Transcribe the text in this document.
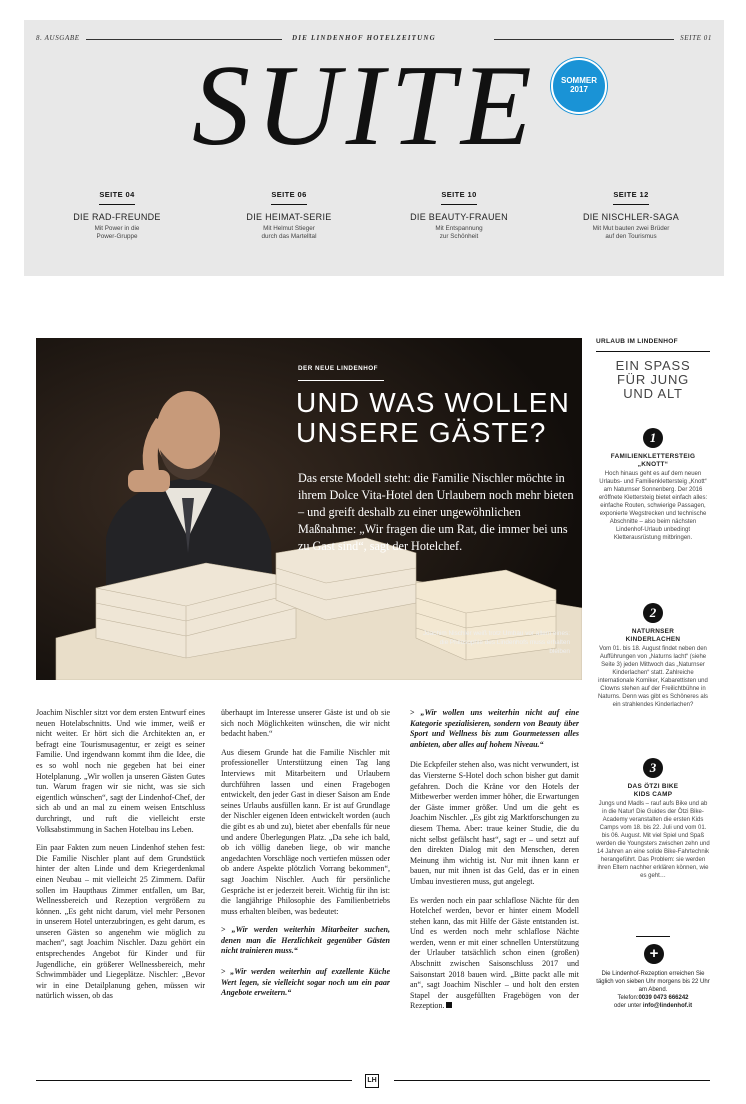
8. AUSGABE	DIE LINDENHOF HOTELZEITUNG	SEITE 01
SUITE	SOMMER
2017
SEITE 04
DIE RAD-FREUNDE
Mit Power in die
Power-Gruppe
SEITE 06
DIE HEIMAT-SERIE
Mit Helmut Stieger
durch das Martelltal
SEITE 10
DIE BEAUTY-FRAUEN
Mit Entspannung
zur Schönheit
SEITE 12
DIE NISCHLER-SAGA
Mit Mut bauten zwei Brüder
auf den Tourismus
DER NEUE LINDENHOF
UND WAS WOLLEN
UNSERE GÄSTE?
Das erste Modell steht: die Familie Nischler möchte in ihrem Dolce Vita-Hotel den Urlaubern noch mehr bieten – und greift deshalb zu einer ungewöhnlichen Maßnahme: „Wir fragen die um Rat, die immer bei uns zu Gast sind“, sagt der Hotelchef.
Joachim Nischler weiß trotz Umbau vor allem eines: die Philosophie des Lindenhofs muss erhalten bleiben

Joachim Nischler sitzt vor dem ersten Entwurf eines neuen Hotelabschnitts. Und wie immer, weiß er nicht weiter. Er hört sich die Architekten an, er befragt eine Tourismusagentur, er zeigt es seiner Familie. Und irgendwann kommt ihm die Idee, die es so wohl noch nie gegeben hat bei einer Hotelplanung. „Wir wollen ja unseren Gästen Gutes tun. Warum fragen wir sie nicht, was sie sich eigentlich wünschen“, sagt der Lindenhof-Chef, der sich ab und an mal zu einem weisen Entschluss durchringt, und ruft die vielleicht erste Volksabstimmung in Sachen Hotelbau ins Leben.

Ein paar Fakten zum neuen Lindenhof stehen fest: Die Familie Nischler plant auf dem Grundstück hinter der alten Linde und dem Kriegerdenkmal einen Neubau – mit vielleicht 25 Zimmern. Dafür sollen im Haupthaus Zimmer entfallen, um Bar, Wellnessbereich und Rezeption vergrößern zu können. „Es geht nicht darum, viel mehr Personen in unserem Hotel unterzubringen, es geht darum, es unseren Gästen so angenehm wie möglich zu machen“, sagt Joachim Nischler. Dazu gehört ein entsprechendes Angebot für Kinder und für Jugendliche, ein größerer Wellnessbereich, mehr Schwimmbäder und Liegeplätze. Nischler: „Bevor wir in eine Detailplanung gehen, müssen wir natürlich wissen, ob das

überhaupt im Interesse unserer Gäste ist und ob sie sich noch Möglichkeiten wünschen, die wir nicht bedacht haben.“

Aus diesem Grunde hat die Familie Nischler mit professioneller Unterstützung einen Tag lang Interviews mit Mitarbeitern und Urlaubern durchführen lassen und einen Fragebogen entwickelt, den jeder Gast in dieser Saison am Ende seines Urlaubs ausfüllen kann. Er ist auf Grundlage der Nischler eigenen Ideen entwickelt worden (auch die gibt es ab und zu), bietet aber ebenfalls für neue und andere Überlegungen Platz. „Da sehe ich bald, ob ich völlig daneben liege, ob wir manche angedachten Vorschläge noch vertiefen müssen oder ob andere Aspekte plötzlich Vorrang bekommen“, sagt Joachim Nischler. Auch für persönliche Gespräche ist er jederzeit bereit. Wichtig für ihn ist: die langjährige Philosophie des Familienbetriebs muss erhalten bleiben, was bedeutet:

> „Wir werden weiterhin Mitarbeiter suchen, denen man die Herzlichkeit gegenüber Gästen nicht trainieren muss.“

> „Wir werden weiterhin auf exzellente Küche Wert legen, sie vielleicht sogar noch um ein paar Angebote erweitern.“

> „Wir wollen uns weiterhin nicht auf eine Kategorie spezialisieren, sondern von Beauty über Sport und Wellness bis zum Gourmetessen alles anbieten, aber alles auf hohem Niveau.“

Die Eckpfeiler stehen also, was nicht verwundert, ist das Viersterne S-Hotel doch schon bisher gut damit gefahren. Doch die Kräne vor den Hotels der Mitbewerber werden immer höher, die Erwartungen der Gäste immer größer. Und um die geht es Joachim Nischler. „Es gibt zig Marktforschungen zu diesem Thema. Aber: traue keiner Studie, die du nicht selbst gefälscht hast“, sagt er – und setzt auf den direkten Dialog mit den Menschen, deren Meinung ihm wichtig ist. Nur mit ihnen kann er bauen, nur mit ihnen ist das Geld, das er in einen Umbau investieren muss, gut angelegt.

Es werden noch ein paar schlaflose Nächte für den Hotelchef werden, bevor er hinter einem Modell stehen kann, das mit Hilfe der Gäste entstanden ist. Und es werden noch mehr schlaflose Nächte werden, wenn er mit einer schnellen Unterstützung der Urlauber tatsächlich schon einen (großen) Abschnitt zwischen Saisonschluss 2017 und Saisonstart 2018 bauen wird. „Bitte packt alle mit an“, sagt Joachim Nischler – und holt den ersten Stapel der ausgefüllten Fragebögen von der Rezeption.

URLAUB IM LINDENHOF
EIN SPASS
FÜR JUNG
UND ALT
1
FAMILIENKLETTERSTEIG
„KNOTT“
Hoch hinaus geht es auf dem neuen Urlaubs- und Familienklettersteig „Knott“ am Naturnser Sonnenberg. Der 2016 eröffnete Klettersteig bietet einfach alles: einfache Routen, schwierige Passagen, exponierte Wegstrecken und technische Abschnitte – also beim nächsten Lindenhof-Urlaub unbedingt Kletterausrüstung mitbringen.
2
NATURNSER
KINDERLACHEN
Vom 01. bis 18. August findet neben den Aufführungen von „Naturns lacht“ (siehe Seite 3) jeden Mittwoch das „Naturnser Kinderlachen“ statt. Zahlreiche internationale Komiker, Kabarettisten und Clowns stehen auf der Freilichtbühne in Naturns. Denn was gibt es Schöneres als ein strahlendes Kinderlachen?
3
DAS ÖTZI BIKE
KIDS CAMP
Jungs und Madls – rauf aufs Bike und ab in die Natur! Die Guides der Ötzi Bike-Academy veranstalten die ersten Kids Camps vom 18. bis 22. Juli und vom 01. bis 06. August. Mit viel Spiel und Spaß werden die Youngsters zwischen zehn und 14 Jahren an eine solide Bike-Fahrtechnik herangeführt. Das Problem: sie werden ihren Eltern nachher erklären können, wie es geht…
+
Die Lindenhof-Rezeption erreichen Sie täglich von sieben Uhr morgens bis 22 Uhr am Abend.
Telefon:0039 0473 666242
oder unter info@lindenhof.it
LH
